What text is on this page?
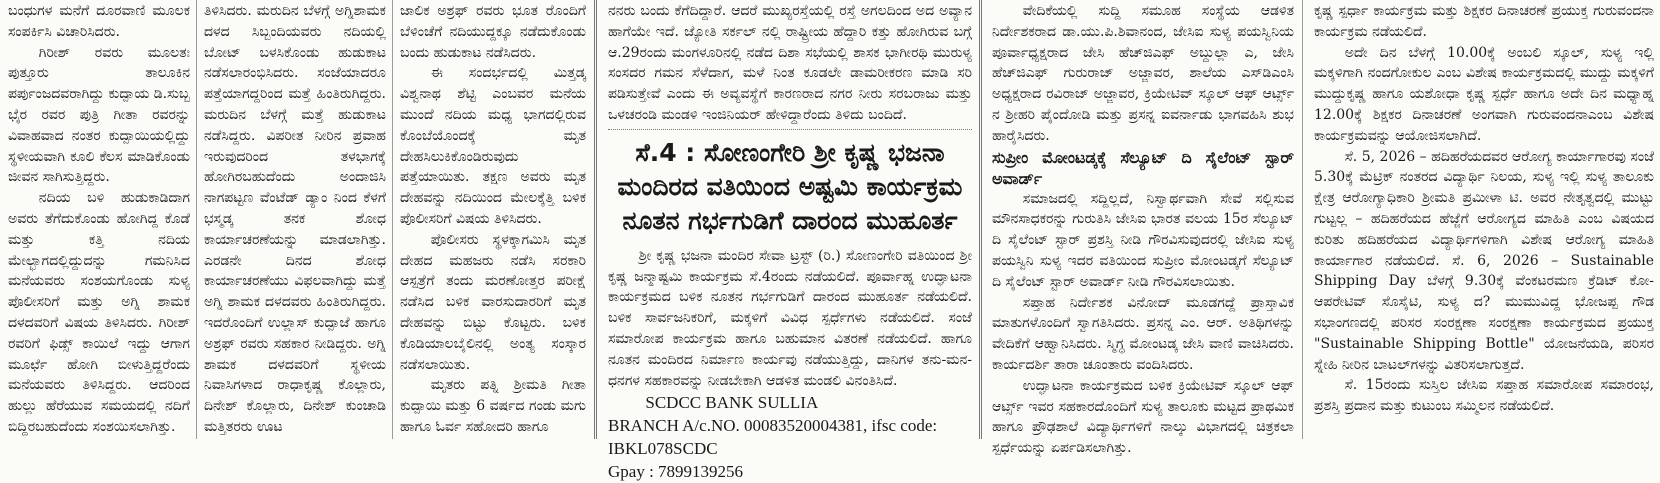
ಬಂಧುಗಳ ಮನೆಗೆ ದೂರವಾಣಿ ಮೂಲಕ ಸಂಪರ್ಕಿಸಿ ವಿಚಾರಿಸಿದರು.

ಗಿರೀಶ್ ರವರು ಮೂಲತಃ ಪುತ್ತೂರು ತಾಲೂಕಿನ ಪರ್ಪುಂಜದವರಾಗಿದ್ದು ಕುದ್ಪಾಯ ಡಿ.ಸುಬ್ಬ ಭೈರ ರವರ ಪುತ್ರಿ ಗೀತಾ ರವರನ್ನು ವಿವಾಹವಾದ ನಂತರ ಕುದ್ಪಾಯಿಯಲ್ಲಿದ್ದು ಸ್ಥಳೀಯವಾಗಿ ಕೂಲಿ ಕೆಲಸ ಮಾಡಿಕೊಂಡು ಜೀವನ ಸಾಗಿಸುತ್ತಿದ್ದರು.

ನದಿಯ ಬಳಿ ಹುಡುಕಾಡಿದಾಗ ಅವರು ತೆಗೆದುಕೊಂಡು ಹೋಗಿದ್ದ ಕೊಡೆ ಮತ್ತು ಕತ್ತಿ ನದಿಯ ಮೇಲ್ಭಾಗದಲ್ಲಿದ್ದುದನ್ನು ಗಮನಿಸಿದ ಮನೆಯವರು ಸಂಶಯಗೊಂಡು ಸುಳ್ಯ ಪೊಲೀಸರಿಗೆ ಮತ್ತು ಅಗ್ನಿ ಶಾಮಕ ದಳದವರಿಗೆ ವಿಷಯ ತಿಳಿಸಿದರು. ಗಿರೀಶ್ ರವರಿಗೆ ಫಿಡ್ಸ್ ಕಾಯಿಲೆ ಇದ್ದು ಆಗಾಗ ಮೂರ್ಛೆ ಹೋಗಿ ಬೀಳುತ್ತಿದ್ದರೆಂದು ಮನೆಯವರು ತಿಳಿಸಿದ್ದರು. ಆದರಿಂದ ಹುಲ್ಲು ಹೆರೆಯುವ ಸಮಯದಲ್ಲಿ ನದಿಗೆ ಬಿದ್ದಿರಬಹುದೆಂದು ಸಂಶಯಿಸಲಾಗಿತ್ತು.

ತಿಳಿಸಿದರು. ಮರುದಿನ ಬೆಳಗ್ಗೆ ಅಗ್ನಿಶಾಮಕ ದಳದ ಸಿಬ್ಬಂದಿಯವರು ನದಿಯಲ್ಲಿ ಬೋಟ್ ಬಳಸಿಕೊಂಡು ಹುಡುಕಾಟ ನಡೆಸಲಾರಂಭಿಸಿದರು. ಸಂಜೆಯಾದರೂ ಪತ್ತೆಯಾಗದ್ದರಿಂದ ಮತ್ತೆ ಹಿಂತಿರುಗಿದ್ದರು. ಮರುದಿನ ಬೆಳಗ್ಗೆ ಮತ್ತೆ ಹುಡುಕಾಟ ನಡೆಸಿದ್ದರು. ವಿಪರೀತ ನೀರಿನ ಪ್ರವಾಹ ಇರುವುದರಿಂದ ತಳಭಾಗಕ್ಕೆ ಹೋಗಿರಬಹುದೆಂದು ಅಂದಾಜಿಸಿ ನಾಗಪಟ್ಟಣ ವೆಂಟೆಡ್ ಡ್ಯಾಂ ನಿಂದ ಕೆಳಗೆ ಭಸ್ಮಡ್ಕ ತನಕ ಶೋಧ ಕಾರ್ಯಾಚರಣೆಯನ್ನು ಮಾಡಲಾಗಿತ್ತು. ಎರಡನೇ ದಿನದ ಶೋಧ ಕಾರ್ಯಾಚರಣೆಯು ವಿಫಲವಾಗಿದ್ದು ಮತ್ತೆ ಅಗ್ನಿ ಶಾಮಕ ದಳದವರು ಹಿಂತಿರುಗಿದ್ದರು. ಇದರೊಂದಿಗೆ ಉಲ್ಲಾಸ್ ಕುದ್ಪಾಜೆ ಹಾಗೂ ಅಶ್ರಫ್ ರವರು ಸಹಕಾರ ನೀಡಿದ್ದರು. ಅಗ್ನಿ ಶಾಮಕ ದಳದವರಿಗೆ ಸ್ಥಳೀಯ ನಿವಾಸಿಗಳಾದ ರಾಧಾಕೃಷ್ಣ ಕೊಲ್ಲಾರು, ದಿನೇಶ್ ಕೊಲ್ಲಾರು, ದಿನೇಶ್ ಕುಂಚಾಡಿ ಮತ್ತಿತರರು ಊಟ

ಜಾಲಿಕ ಅಶ್ರಫ್ ರವರು ಭೂತ ರೊಂದಿಗೆ ಬೆಳಿಂಚೆಗೆ ನದಿಯುದ್ದಕ್ಕೂ ನಡೆದುಕೊಂಡು ಬಂದು ಹುಡುಕಾಟ ನಡೆಸಿದರು.

ಈ ಸಂದರ್ಭದಲ್ಲಿ ಮಿತ್ತಡ್ಕ ವಿಶ್ವನಾಥ ಶೆಟ್ಟಿ ಎಂಬವರ ಮನೆಯ ಮುಂದೆ ನದಿಯ ಮಧ್ಯ ಭಾಗದಲ್ಲಿರುವ ಕೊಂಬೆಯೊಂದಕ್ಕೆ ಮೃತ ದೇಹಸಿಲುಕಿಕೊಂಡಿರುವುದು ಪತ್ತೆಯಾಯಿತು. ತಕ್ಷಣ ಅವರು ಮೃತ ದೇಹವನ್ನು ನದಿಯಿಂದ ಮೇಲಕ್ಕೆತ್ತಿ ಬಳಿಕ ಪೊಲೀಸರಿಗೆ ವಿಷಯ ತಿಳಿಸಿದರು.

ಪೊಲೀಸರು ಸ್ಥಳಕ್ಕಾಗಮಿಸಿ ಮೃತ ದೇಹದ ಮಹಜರು ನಡೆಸಿ ಸರಕಾರಿ ಆಸ್ಪತ್ರೆಗೆ ತಂದು ಮರಣೋತ್ತರ ಪರೀಕ್ಷೆ ನಡೆಸಿದ ಬಳಿಕ ವಾರಸುದಾರರಿಗೆ ಮೃತ ದೇಹವನ್ನು ಬಿಟ್ಟು ಕೊಟ್ಟರು. ಬಳಿಕ ಕೊಡಿಯಾಲಬೈಲಿನಲ್ಲಿ ಅಂತ್ಯ ಸಂಸ್ಕಾರ ನಡೆಸಲಾಯಿತು.

ಮೃತರು ಪತ್ನಿ ಶ್ರೀಮತಿ ಗೀತಾ ಕುದ್ಪಾಯಿ ಮತ್ತು 6 ವರ್ಷದ ಗಂಡು ಮಗು ಹಾಗೂ ಓರ್ವ ಸಹೋದರಿ ಹಾಗೂ

ನನರು ಬಂದು ಕೆಗೆದಿದ್ದಾರೆ. ಆದರೆ ಮುಖ್ಯರಸ್ತೆಯಲ್ಲಿ ರಸ್ತೆ ಅಗಲದಿಂದ ಅದ ಅವ್ಯಾನ ಹಾಗೆಯೇ ಇದೆ. ಜ್ಯೋತಿ ಸರ್ಕಲ್ ನಲ್ಲಿ ರಾಷ್ಟ್ರೀಯ ಹೆದ್ದಾರಿ ಕತ್ತು ಹೋಗಿರುವ ಬಗ್ಗೆ ಆ.29ರಂದು ಮಂಗಳೂರಿನಲ್ಲಿ ನಡೆದ ದಿಶಾ ಸಭೆಯಲ್ಲಿ ಶಾಸಕ ಭಾಗೀರಥಿ ಮುರುಳ್ಯ ಸಂಸದರ ಗಮನ ಸೆಳೆದಾಗ, ಮಳೆ ನಿಂತ ಕೂಡಲೇ ಡಾಮರೀಕರಣ ಮಾಡಿ ಸರಿ ಪಡಿಸುತ್ತೇವೆ ಎಂದು ಈ ಅವ್ಯವಸ್ಥೆಗೆ ಕಾರಣರಾದ ನಗರ ನೀರು ಸರಬರಾಜು ಮತ್ತು ಒಳಚರಂಡಿ ಮಂಡಳಿ ಇಂಜಿನಿಯರ್ ಹೇಳಿದ್ದಾರೆಂದು ತಿಳಿದು ಬಂದಿದೆ.

ಸೆ.4 : ಸೋಣಂಗೇರಿ ಶ್ರೀ ಕೃಷ್ಣ ಭಜನಾ ಮಂದಿರದ ವತಿಯಿಂದ ಅಷ್ಟಮಿ ಕಾರ್ಯಕ್ರಮ ನೂತನ ಗರ್ಭಗುಡಿಗೆ ದಾರಂದ ಮುಹೂರ್ತ

ಶ್ರೀ ಕೃಷ್ಣ ಭಜನಾ ಮಂದಿರ ಸೇವಾ ಟ್ರಸ್ಟ್ (ರಿ.) ಸೋಣಂಗೇರಿ ವತಿಯಿಂದ ಶ್ರೀ ಕೃಷ್ಣ ಜನ್ಮಾಷ್ಟಮಿ ಕಾರ್ಯಕ್ರಮ ಸೆ.4ರಂದು ನಡೆಯಲಿದೆ. ಪೂರ್ವಾಹ್ನ ಉದ್ಘಾಟನಾ ಕಾರ್ಯಕ್ರಮದ ಬಳಿಕ ನೂತನ ಗರ್ಭಗುಡಿಗೆ ದಾರಂದ ಮುಹೂರ್ತ ನಡೆಯಲಿದೆ. ಬಳಿಕ ಸಾರ್ವಜನಿಕರಿಗೆ, ಮಕ್ಕಳಿಗೆ ವಿವಿಧ ಸ್ಪರ್ಧೆಗಳು ನಡೆಯಲಿದೆ. ಸಂಜೆ ಸಮಾರೋಪ ಕಾರ್ಯಕ್ರಮ ಹಾಗೂ ಬಹುಮಾನ ವಿತರಣೆ ನಡೆಯಲಿದೆ. ಹಾಗೂ ನೂತನ ಮಂದಿರದ ನಿರ್ಮಾಣ ಕಾರ್ಯವು ನಡೆಯುತ್ತಿದ್ದು, ದಾನಿಗಳ ತನು-ಮನ-ಧನಗಳ ಸಹಕಾರವನ್ನು ನೀಡಬೇಕಾಗಿ ಆಡಳಿತ ಮಂಡಲಿ ವಿನಂತಿಸಿದೆ.

SCDCC BANK SULLIA
BRANCH A/c.NO. 00083520004381, ifsc code: IBKL078SCDC
Gpay : 7899139256

ವೇದಿಕೆಯಲ್ಲಿ ಸುದ್ದಿ ಸಮೂಹ ಸಂಸ್ಥೆಯ ಆಡಳಿತ ನಿರ್ದೇಶಕರಾದ ಡಾ.ಯು.ಪಿ.ಶಿವಾನಂದ, ಜೇಸಿಐ ಸುಳ್ಯ ಪಯಸ್ವಿನಿಯ ಪೂರ್ವಾಧ್ಯಕ್ಷರಾದ ಜೇಸಿ ಹೆಚ್‌ಜಿಎಫ್ ಅಬ್ದುಲ್ಲಾ ಎ, ಜೇಸಿ ಹೆಚ್‌ಜಿಎಫ್ ಗುರುರಾಜ್ ಅಜ್ಜಾವರ, ಶಾಲೆಯ ಎಸ್‌ಡಿಎಂಸಿ ಅಧ್ಯಕ್ಷರಾದ ರವಿರಾಜ್ ಅಜ್ಜಾವರ, ಕ್ರಿಯೇಟಿವ್ ಸ್ಕೂಲ್ ಆಫ್ ಆರ್ಟ್ಸ್ ನ ಶ್ರೀಹರಿ ಪೈಂದೋಡಿ ಮತ್ತು ಪ್ರಸನ್ನ ಐವರ್ನಾಡು ಭಾಗವಹಿಸಿ ಶುಭ ಹಾರೈಸಿದರು.

ಸುಪ್ರೀಂ ಮೋಂಟಡ್ಕಕ್ಕೆ ಸೆಲ್ಯೂಟ್ ದಿ ಸೈಲೆಂಟ್ ಸ್ಟಾರ್ ಅವಾರ್ಡ್

ಸಮಾಜದಲ್ಲಿ ಸದ್ದಿಲ್ಲದೆ, ನಿಸ್ವಾರ್ಥವಾಗಿ ಸೇವೆ ಸಲ್ಲಿಸುವ ಮೌನಸಾಧಕರನ್ನು ಗುರುತಿಸಿ ಜೇಸಿಐ ಭಾರತ ವಲಯ 15ರ ಸೆಲ್ಯೂಟ್ ದಿ ಸೈಲೆಂಟ್ ಸ್ಟಾರ್ ಪ್ರಶಸ್ತಿ ನೀಡಿ ಗೌರವಿಸುವುದರಲ್ಲಿ ಜೇಸಿಐ ಸುಳ್ಯ ಪಯಸ್ವಿನಿ ಸುಳ್ಯ ಇದರ ವತಿಯಿಂದ ಸುಪ್ರೀಂ ಮೋಂಟಡ್ಕಗೆ ಸೆಲ್ಯೂಟ್ ದಿ ಸೈಲೆಂಟ್ ಸ್ಟಾರ್ ಅವಾರ್ಡ್ ನೀಡಿ ಗೌರವಿಸಲಾಯಿತು.

ಸಪ್ತಾಹ ನಿರ್ದೇಶಕ ವಿನೋದ್ ಮೂಡಗದ್ದೆ ಪ್ರಾಸ್ತಾವಿಕ ಮಾತುಗಳೊಂದಿಗೆ ಸ್ವಾಗತಿಸಿದರು. ಪ್ರಸನ್ನ ಎಂ. ಆರ್. ಅತಿಥಿಗಳನ್ನು ವೇದಿಕೆಗೆ ಆಹ್ವಾನಿಸಿದರು. ಸ್ಮಿಗ್ಧ ಮೋಂಟಡ್ಕ ಜೇಸಿ ವಾಣಿ ವಾಚಿಸಿದರು. ಕಾರ್ಯದರ್ಶಿ ತಾರಾ ಚೂಂತಾರು ವಂದಿಸಿದರು.

ಉದ್ಘಾಟನಾ ಕಾರ್ಯಕ್ರಮದ ಬಳಿಕ ಕ್ರಿಯೇಟಿವ್ ಸ್ಕೂಲ್ ಆಫ್ ಆರ್ಟ್ಸ್ ಇವರ ಸಹಕಾರದೊಂದಿಗೆ ಸುಳ್ಯ ತಾಲೂಕು ಮಟ್ಟದ ಪ್ರಾಥಮಿಕ ಹಾಗೂ ಪ್ರೌಢಶಾಲೆ ವಿದ್ಯಾರ್ಥಿಗಳಿಗೆ ನಾಲ್ಕು ವಿಭಾಗದಲ್ಲಿ ಚಿತ್ರಕಲಾ ಸ್ಪರ್ಧೆಯನ್ನು ಏರ್ಪಡಿಸಲಾಗಿತ್ತು.

ಕೃಷ್ಣ ಸ್ಪರ್ಧಾ ಕಾರ್ಯಕ್ರಮ ಮತ್ತು ಶಿಕ್ಷಕರ ದಿನಾಚರಣೆ ಪ್ರಯುಕ್ತ ಗುರುವಂದನಾ ಕಾರ್ಯಕ್ರಮ ನಡೆಯಲಿದೆ.

ಅದೇ ದಿನ ಬೆಳಗ್ಗೆ 10.00ಕ್ಕೆ ಅಂಬಲಿ ಸ್ಕೂಲ್, ಸುಳ್ಯ ಇಲ್ಲಿ ಮಕ್ಕಳಿಗಾಗಿ ನಂದಗೋಕುಲ ಎಂಬ ವಿಶೇಷ ಕಾರ್ಯಕ್ರಮದಲ್ಲಿ ಮುದ್ದು ಮಕ್ಕಳಿಗೆ ಮುದ್ದುಕೃಷ್ಣ ಹಾಗೂ ಯಶೋಧಾ ಕೃಷ್ಣ ಸ್ಪರ್ಧೆ ಹಾಗೂ ಅದೇ ದಿನ ಮಧ್ಯಾಹ್ನ 12.00ಕ್ಕೆ ಶಿಕ್ಷಕರ ದಿನಾಚರಣೆ ಅಂಗವಾಗಿ ಗುರುವಂದನಾಎಂಬ ವಿಶೇಷ ಕಾರ್ಯಕ್ರಮವನ್ನು ಆಯೋಜಿಸಲಾಗಿದೆ.

ಸೆ. 5, 2026 – ಹದಿಹರೆಯದವರ ಆರೋಗ್ಯ ಕಾರ್ಯಾಗಾರವು ಸಂಜೆ 5.30ಕ್ಕೆ ಮೆಟ್ರಿಕ್ ನಂತರದ ವಿದ್ಯಾರ್ಥಿ ನಿಲಯ, ಸುಳ್ಯ ಇಲ್ಲಿ ಸುಳ್ಯ ತಾಲೂಕು ಕ್ಷೇತ್ರ ಆರೋಗ್ಯಾಧಿಕಾರಿ ಶ್ರೀಮತಿ ಪ್ರಮೀಳಾ ಟಿ. ಅವರ ನೇತೃತ್ವದಲ್ಲಿ ಮುಟ್ಟು ಗುಟ್ಟಲ್ಲ – ಹದಿಹರೆಯದ ಹೆಜ್ಜೆಗೆ ಆರೋಗ್ಯದ ಮಾಹಿತಿ ಎಂಬ ವಿಷಯದ ಕುರಿತು ಹದಿಹರೆಯದ ವಿದ್ಯಾರ್ಥಿಗಳಿಗಾಗಿ ವಿಶೇಷ ಆರೋಗ್ಯ ಮಾಹಿತಿ ಕಾರ್ಯಾಗಾರ ನಡೆಯಲಿದೆ. ಸೆ. 6, 2026 – Sustainable Shipping Day ಬೆಳಗ್ಗೆ 9.30ಕ್ಕೆ ವೆಂಕಟರಮಣ ಕ್ರೆಡಿಟ್ ಕೋ-ಆಪರೇಟಿವ್ ಸೊಸೈಟಿ, ಸುಳ್ಯ ದ? ಮುಮುವಿದ್ದ ಭೋಜಪ್ಪ ಗೌಡ ಸಭಾಂಗಣದಲ್ಲಿ ಪರಿಸರ ಸಂರಕ್ಷಣಾ ಸಂರಕ್ಷಣಾ ಕಾರ್ಯಕ್ರಮದ ಪ್ರಯುಕ್ತ "Sustainable Shipping Bottle" ಯೋಜನೆಯಡಿ, ಪರಿಸರ ಸ್ನೇಹಿ ನೀರಿನ ಬಾಟಲ್‌ಗಳನ್ನು ವಿತರಿಸಲಾಗುತ್ತದೆ.

ಸೆ. 15ರಂದು ಸುಸ್ತಿಲ ಜೇಸಿಐ ಸಪ್ತಾಹ ಸಮಾರೋಪ ಸಮಾರಂಭ, ಪ್ರಶಸ್ತಿ ಪ್ರದಾನ ಮತ್ತು ಕುಟುಂಬ ಸಮ್ಮಿಲನ ನಡೆಯಲಿದೆ.
